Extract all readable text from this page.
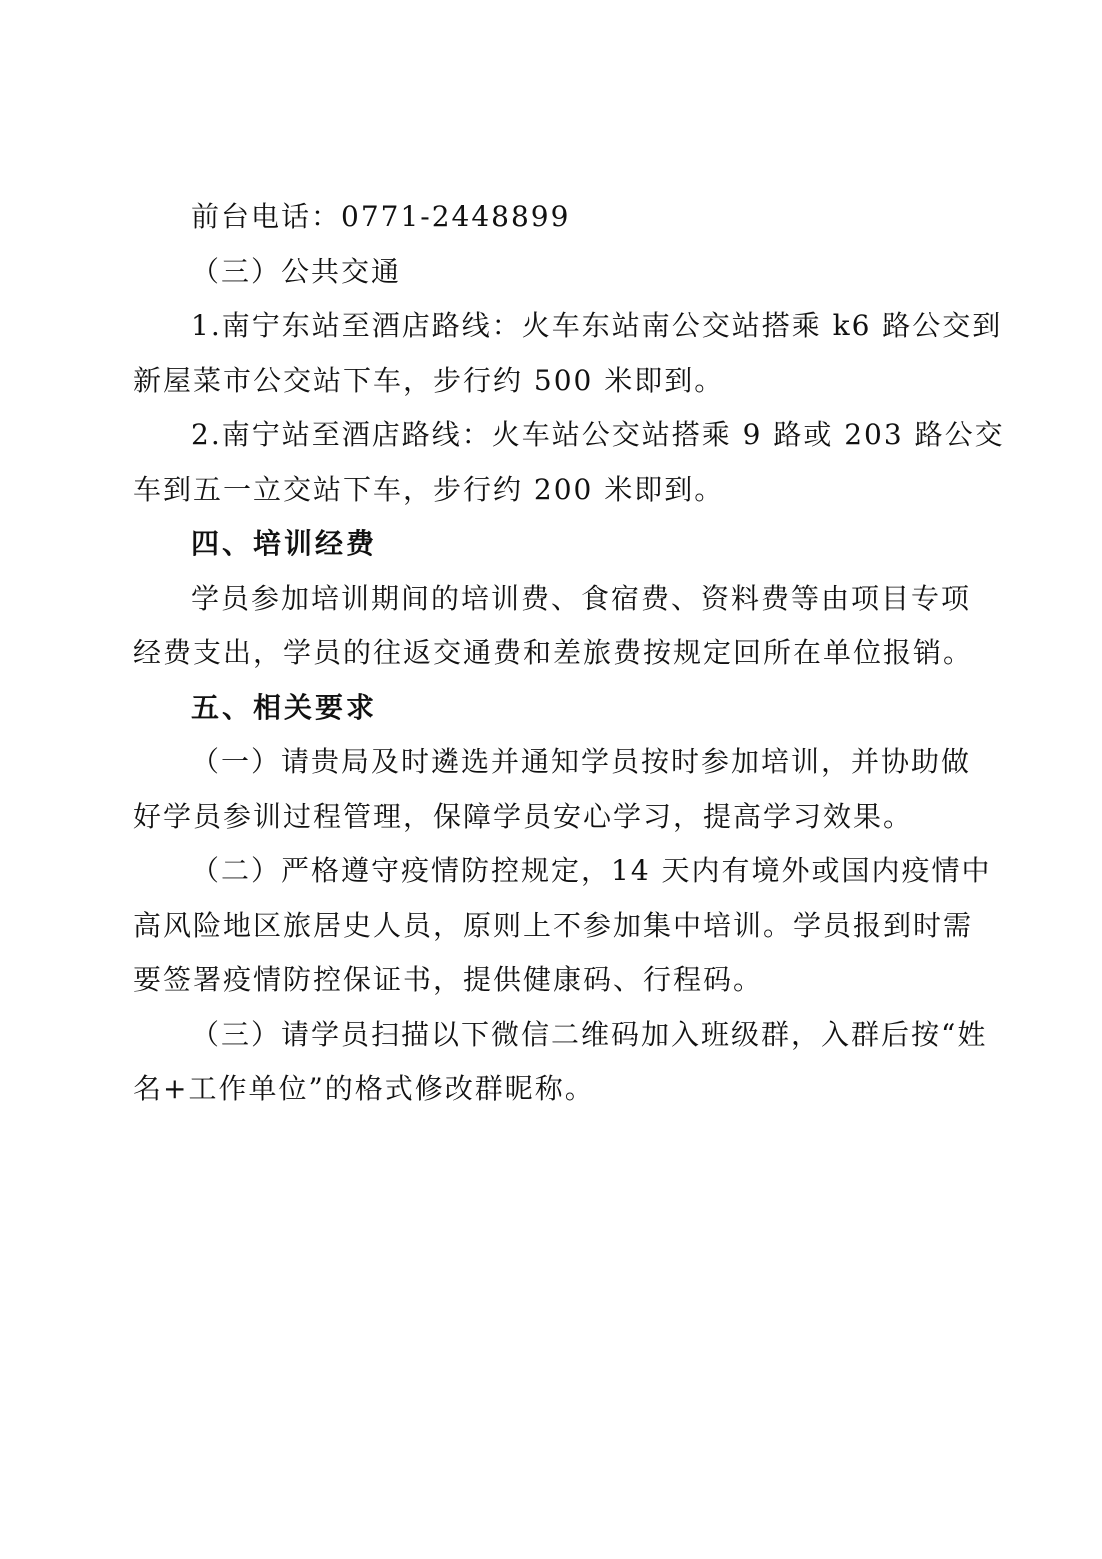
前台电话：0771-2448899
（三）公共交通
1.南宁东站至酒店路线：火车东站南公交站搭乘 k6 路公交到
新屋菜市公交站下车，步行约 500 米即到。
2.南宁站至酒店路线：火车站公交站搭乘 9 路或 203 路公交
车到五一立交站下车，步行约 200 米即到。
四、培训经费
学员参加培训期间的培训费、食宿费、资料费等由项目专项
经费支出，学员的往返交通费和差旅费按规定回所在单位报销。
五、相关要求
（一）请贵局及时遴选并通知学员按时参加培训，并协助做
好学员参训过程管理，保障学员安心学习，提高学习效果。
（二）严格遵守疫情防控规定，14 天内有境外或国内疫情中
高风险地区旅居史人员，原则上不参加集中培训。学员报到时需
要签署疫情防控保证书，提供健康码、行程码。
（三）请学员扫描以下微信二维码加入班级群，入群后按“姓
名+工作单位”的格式修改群昵称。
